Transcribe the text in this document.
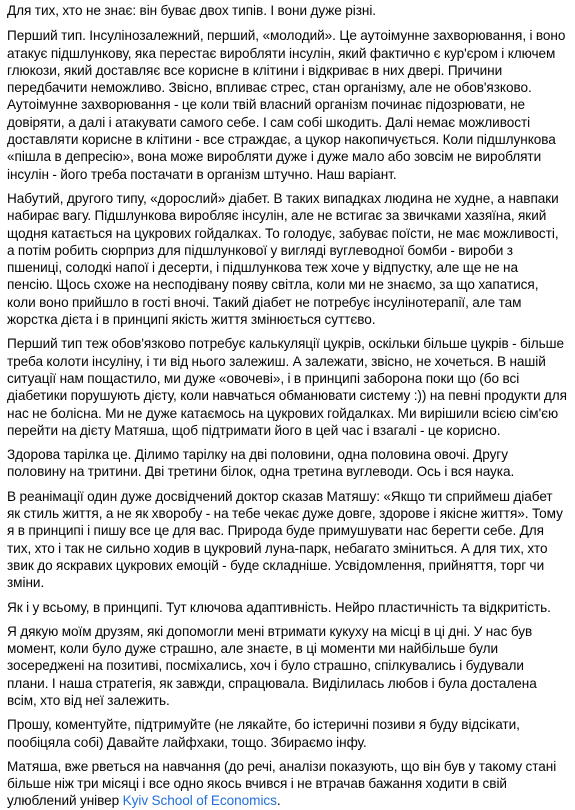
Для тих, хто не знає: він буває двох типів. І вони дуже різні.

Перший тип. Інсулінозалежний, перший, «молодий». Це аутоімунне захворювання, і воно атакує підшлункову, яка перестає виробляти інсулін, який фактично є кур'єром і ключем глюкози, який доставляє все корисне в клітини і відкриває в них двері. Причини передбачити неможливо. Звісно, впливає стрес, стан організму, але не обов'язково. Аутоімунне захворювання - це коли твій власний організм починає підозрювати, не довіряти, а далі і атакувати самого себе. І сам собі шкодить. Далі немає можливості доставляти корисне в клітини - все страждає, а цукор накопичується. Коли підшлункова «пішла в депресію», вона може виробляти дуже і дуже мало або зовсім не виробляти інсулін - його треба постачати в організм штучно. Наш варіант.

Набутий, другого типу, «дорослий» діабет. В таких випадках людина не худне, а навпаки набирає вагу. Підшлункова виробляє інсулін, але не встигає за звичками хазяїна, який щодня катається на цукрових гойдалках. То голодує, забуває поїсти, не має можливості, а потім робить сюрприз для підшлункової у вигляді вуглеводної бомби - вироби з пшениці, солодкі напої і десерти, і підшлункова теж хоче у відпустку, але ще не на пенсію. Щось схоже на несподівану появу світла, коли ми не знаємо, за що хапатися, коли воно прийшло в гості вночі. Такий діабет не потребує інсулінотерапії, але там жорстка дієта і в принципі якість життя змінюється суттєво.

Перший тип теж обов'язково потребує калькуляції цукрів, оскільки більше цукрів - більше треба колоти інсуліну, і ти від нього залежиш. А залежати, звісно, не хочеться. В нашій ситуації нам пощастило, ми дуже «овочеві», і в принципі заборона поки що (бо всі діабетики порушують дієту, коли навчаться обманювати систему :)) на певні продукти для нас не болісна. Ми не дуже катаємось на цукрових гойдалках. Ми вирішили всією сім'єю перейти на дієту Матяша, щоб підтримати його в цей час і взагалі - це корисно.

Здорова тарілка це. Ділимо тарілку на дві половини, одна половина овочі. Другу половину на тритини. Дві третини білок, одна третина вуглеводи. Ось і вся наука.

В реанімації один дуже досвідчений доктор сказав Матяшу: «Якщо ти сприймеш діабет як стиль життя, а не як хворобу - на тебе чекає дуже довге, здорове і якісне життя». Тому я в принципі і пишу все це для вас. Природа буде примушувати нас берегти себе. Для тих, хто і так не сильно ходив в цукровий луна-парк, небагато зміниться. А для тих, хто звик до яскравих цукрових емоцій - буде складніше. Усвідомлення, прийняття, торг чи зміни.

Як і у всьому, в принципі. Тут ключова адаптивність. Нейро пластичність та відкритість.

Я дякую моїм друзям, які допомогли мені втримати кукуху на місці в ці дні. У нас був момент, коли було дуже страшно, але знаєте, в ці моменти ми найбільше були зосереджені на позитиві, посміхались, хоч і було страшно, спілкувались і будували плани. І наша стратегія, як завжди, спрацювала. Виділилась любов і була досталена всім, хто від неї залежить.

Прошу, коментуйте, підтримуйте (не лякайте, бо істеричні позиви я буду відсікати, пообіцяла собі) Давайте лайфхаки, тощо. Збираємо інфу.

Матяша, вже рветься на навчання (до речі, аналізи показують, що він був у такому стані більше ніж три місяці і все одно якось вчився і не втрачав бажання ходити в свій улюблений універ Kyiv School of Economics.
